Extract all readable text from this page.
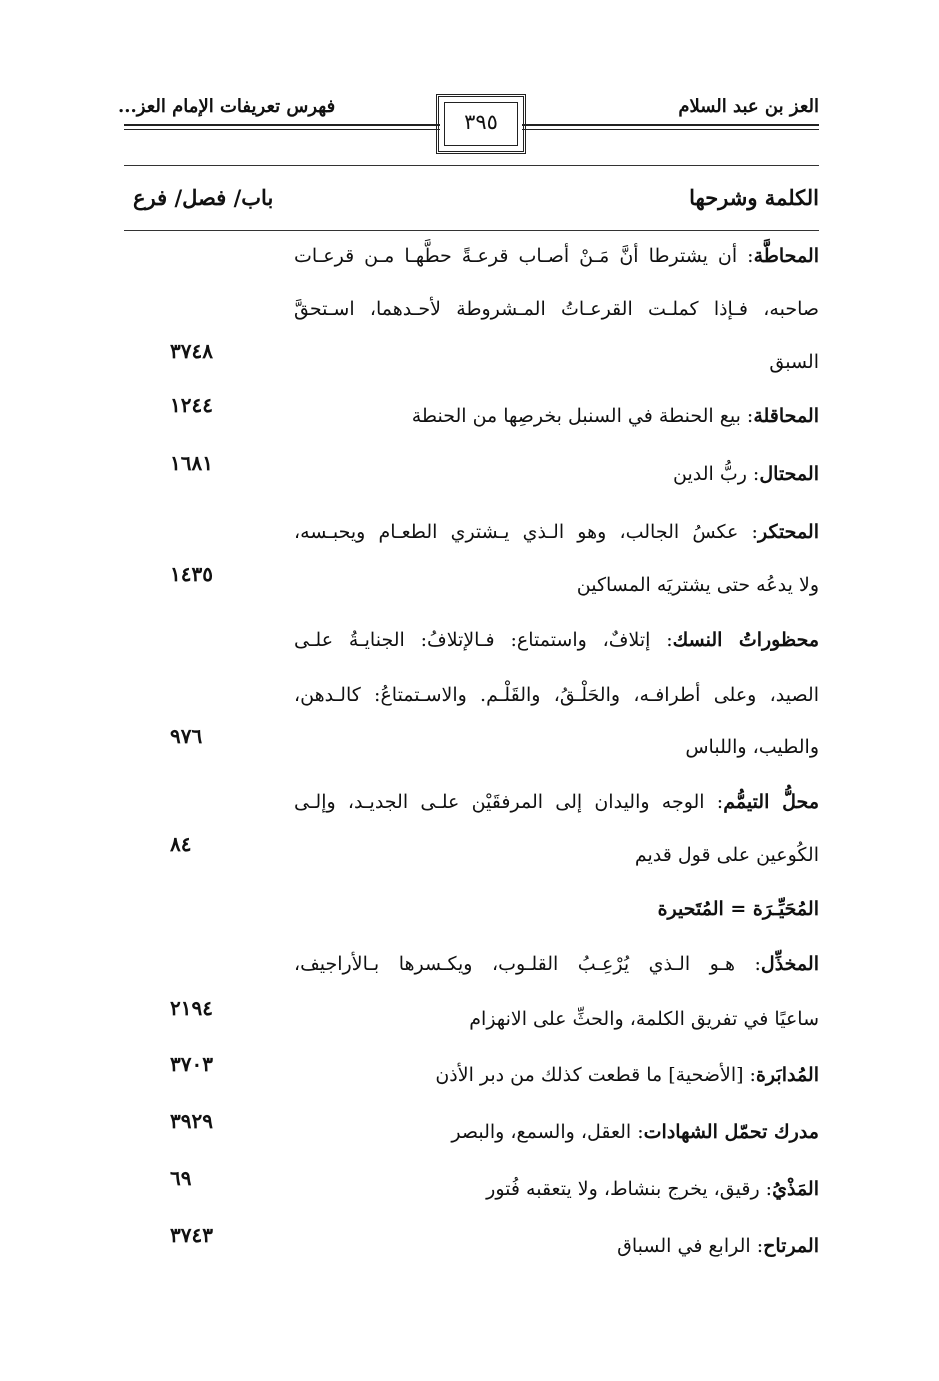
العز بن عبد السلام
فهرس تعريفات الإمام العز...
٣٩٥
الكلمة وشرحها
باب/ فصل/ فرع
المحاطَّة: أن يشترطا أنَّ مَـنْ أصـاب قرعـةً حطَّهـا مـن قرعـات
صاحبه، فـإذا كملـت القرعـاتُ المـشروطة لأحـدهما، اسـتحقَّ
السبق
٣٧٤٨
المحاقلة: بيع الحنطة في السنبل بخرصِها من الحنطة
١٢٤٤
المحتال: ربُّ الدين
١٦٨١
المحتكر: عكسُ الجالب، وهو الـذي يـشتري الطعـام ويحبـسه،
ولا يدعُه حتى يشتريَه المساكين
١٤٣٥
محظوراتُ النسك: إتلافٌ، واستمتاع: فـالإتلافُ: الجنايـةُ علـى
الصيد، وعلى أطرافـه، والحَلْـقُ، والقَلْـم. والاسـتمتاعُ: كالـدهن،
والطيب، واللباس
٩٧٦
محلُّ التيمُّم: الوجه واليدان إلى المرفقَيْن علـى الجديـد، وإلـى
الكُوعين على قول قديم
٨٤
المُحَيِّـرَة = المُتَحيرة
المخذِّل: هـو الـذي يُرْعِـبُ القلـوب، ويكـسرها بـالأراجيف،
ساعيًا في تفريق الكلمة، والحثِّ على الانهزام
٢١٩٤
المُدابَرة: [الأضحية] ما قطعت كذلك من دبر الأذن
٣٧٠٣
مدرك تحمّل الشهادات: العقل، والسمع، والبصر
٣٩٢٩
المَذْيُ: رقيق، يخرج بنشاط، ولا يتعقبه فُتور
٦٩
المرتاح: الرابع في السباق
٣٧٤٣
